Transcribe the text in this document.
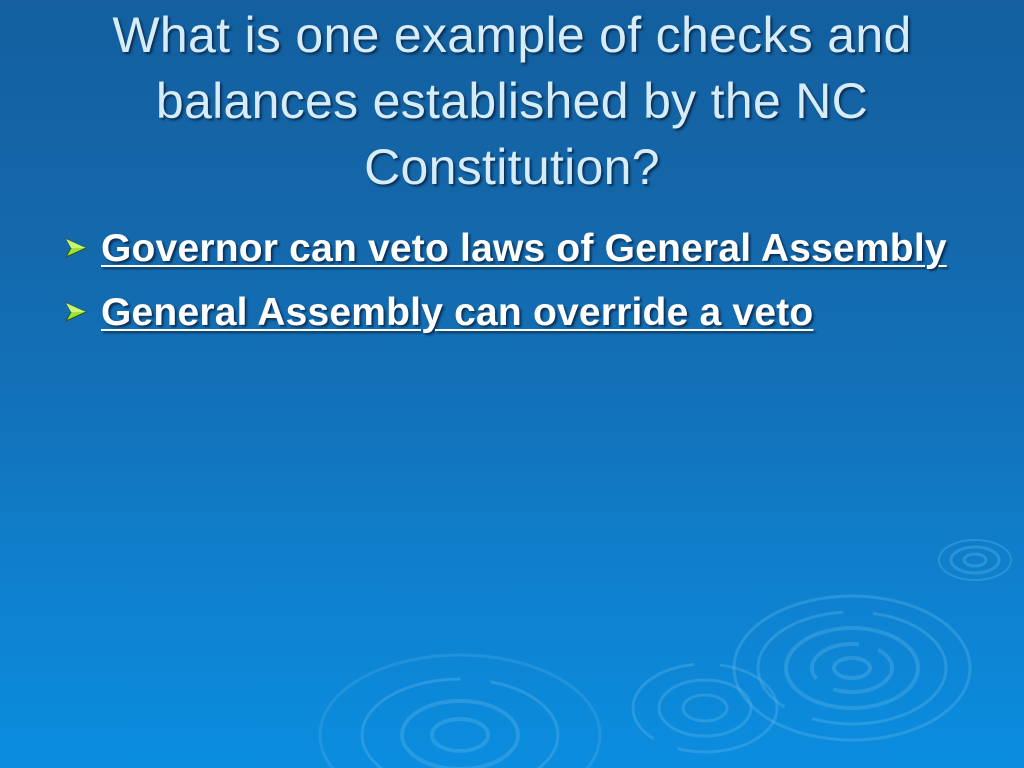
What is one example of checks and balances established by the NC Constitution?
Governor can veto laws of General Assembly
General Assembly can override a veto
